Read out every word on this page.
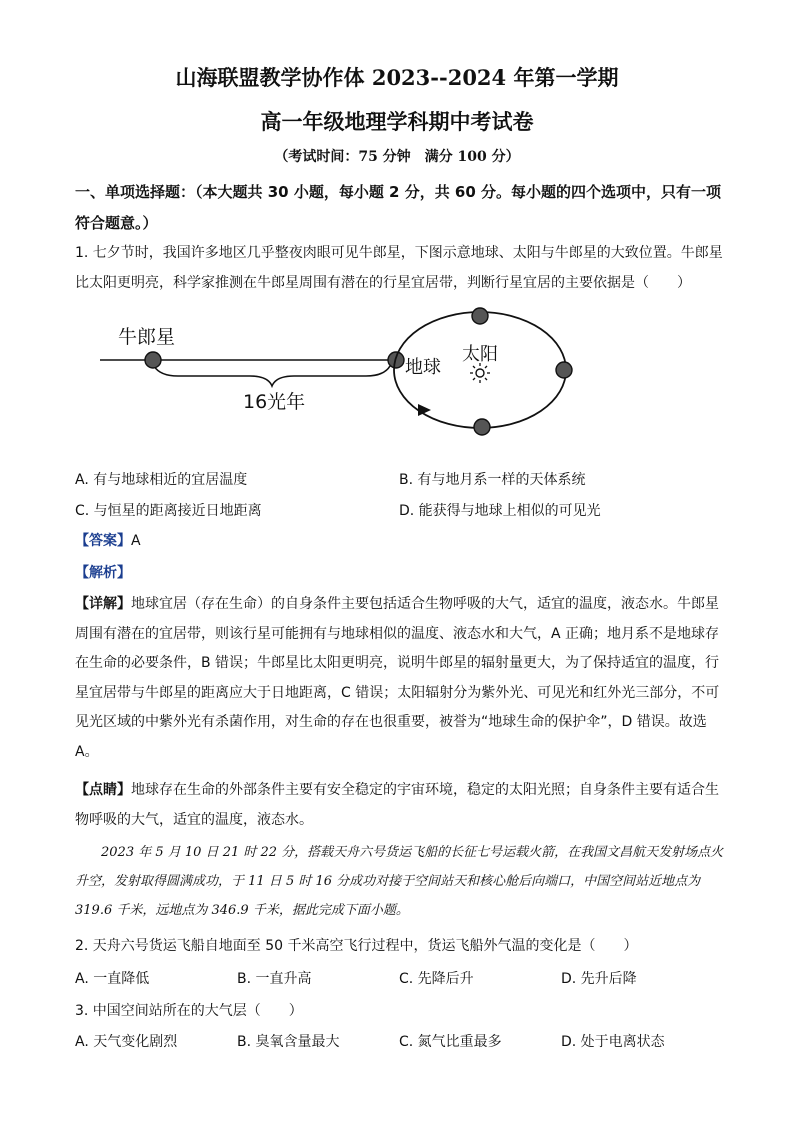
山海联盟教学协作体 2023--2024 年第一学期
高一年级地理学科期中考试卷
（考试时间：75 分钟　满分 100 分）
一、单项选择题：（本大题共 30 小题，每小题 2 分，共 60 分。每小题的四个选项中，只有一项符合题意。）
1. 七夕节时，我国许多地区几乎整夜肉眼可见牛郎星，下图示意地球、太阳与牛郎星的大致位置。牛郎星比太阳更明亮，科学家推测在牛郎星周围有潜在的行星宜居带，判断行星宜居的主要依据是（　　）
牛郎星
地球
太阳
16光年
A. 有与地球相近的宜居温度	B. 有与地月系一样的天体系统
C. 与恒星的距离接近日地距离	D. 能获得与地球上相似的可见光
【答案】A
【解析】
【详解】地球宜居（存在生命）的自身条件主要包括适合生物呼吸的大气，适宜的温度，液态水。牛郎星周围有潜在的宜居带，则该行星可能拥有与地球相似的温度、液态水和大气，A 正确；地月系不是地球存在生命的必要条件，B 错误；牛郎星比太阳更明亮，说明牛郎星的辐射量更大，为了保持适宜的温度，行星宜居带与牛郎星的距离应大于日地距离，C 错误；太阳辐射分为紫外光、可见光和红外光三部分，不可见光区域的中紫外光有杀菌作用，对生命的存在也很重要，被誉为“地球生命的保护伞”，D 错误。故选 A。
【点睛】地球存在生命的外部条件主要有安全稳定的宇宙环境，稳定的太阳光照；自身条件主要有适合生物呼吸的大气，适宜的温度，液态水。
2023 年 5 月 10 日 21 时 22 分，搭载天舟六号货运飞船的长征七号运载火箭，在我国文昌航天发射场点火升空，发射取得圆满成功，于 11 日 5 时 16 分成功对接于空间站天和核心舱后向端口，中国空间站近地点为 319.6 千米，远地点为 346.9 千米，据此完成下面小题。
2. 天舟六号货运飞船自地面至 50 千米高空飞行过程中，货运飞船外气温的变化是（　　）
A. 一直降低	B. 一直升高	C. 先降后升	D. 先升后降
3. 中国空间站所在的大气层（　　）
A. 天气变化剧烈	B. 臭氧含量最大	C. 氮气比重最多	D. 处于电离状态
